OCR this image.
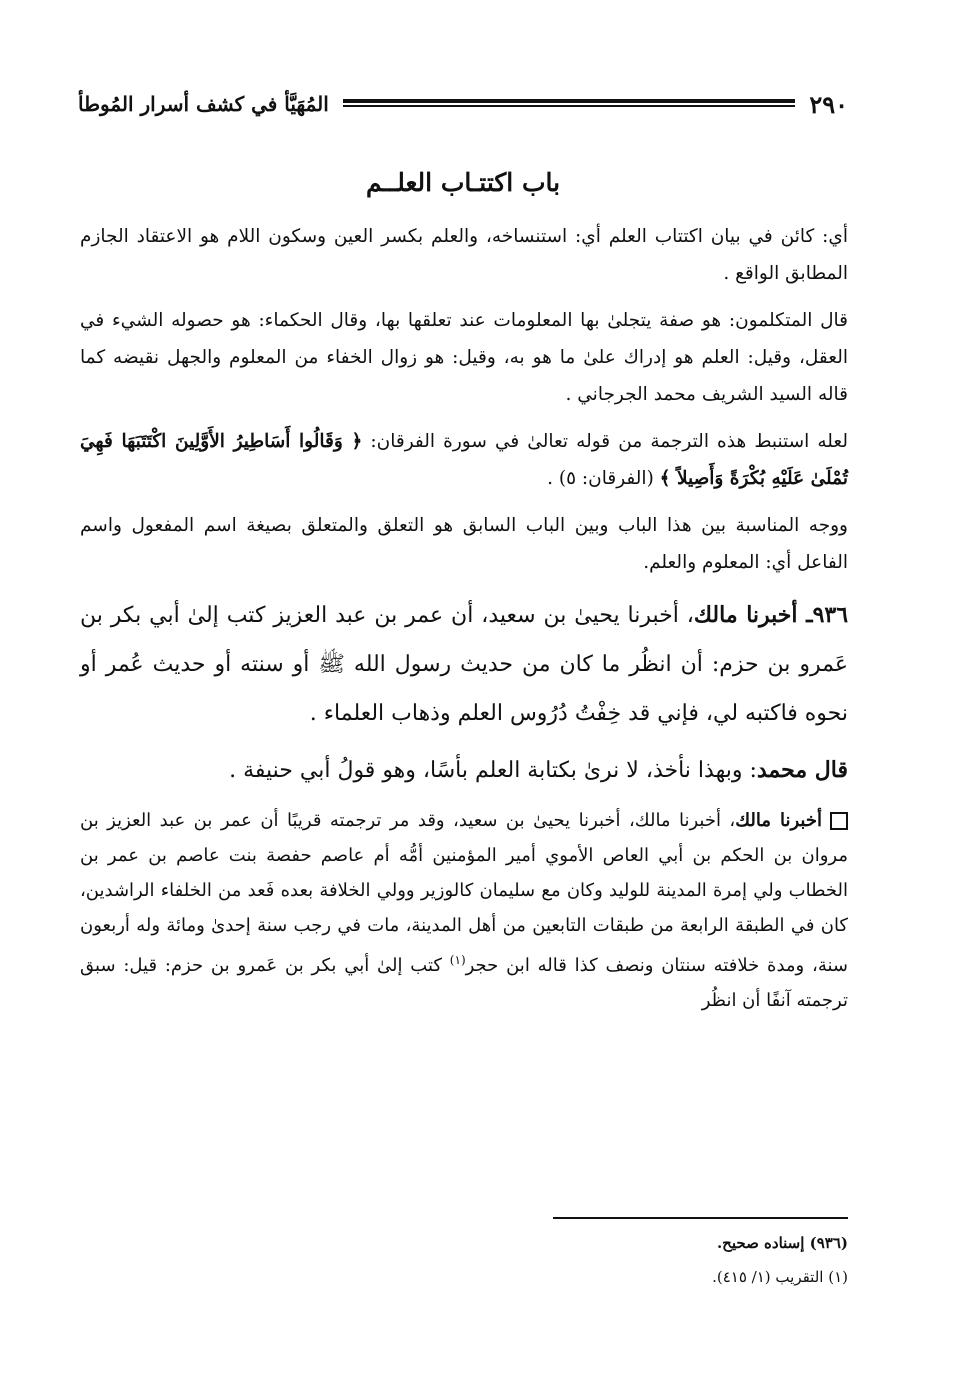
٢٩٠
المُهَيَّأ في كشف أسرار المُوطأ
باب اكتتـاب العلــم

أي: كائن في بيان اكتتاب العلم أي: استنساخه، والعلم بكسر العين وسكون اللام هو الاعتقاد الجازم المطابق الواقع .

قال المتكلمون: هو صفة يتجلىٰ بها المعلومات عند تعلقها بها، وقال الحكماء: هو حصوله الشيء في العقل، وقيل: العلم هو إدراك علىٰ ما هو به، وقيل: هو زوال الخفاء من المعلوم والجهل نقيضه كما قاله السيد الشريف محمد الجرجاني .

لعله استنبط هذه الترجمة من قوله تعالىٰ في سورة الفرقان: ﴿ وَقَالُوا أَسَاطِيرُ الأَوَّلِينَ اكْتَتَبَهَا فَهِيَ تُمْلَىٰ عَلَيْهِ بُكْرَةً وَأَصِيلاً ﴾ (الفرقان: ٥) .

ووجه المناسبة بين هذا الباب وبين الباب السابق هو التعلق والمتعلق بصيغة اسم المفعول واسم الفاعل أي: المعلوم والعلم.

٩٣٦ـ أخبرنا مالك، أخبرنا يحيىٰ بن سعيد، أن عمر بن عبد العزيز كتب إلىٰ أبي بكر بن عَمرو بن حزم: أن انظُر ما كان من حديث رسول الله ﷺ أو سنته أو حديث عُمر أو نحوه فاكتبه لي، فإني قد خِفْتُ دُرُوس العلم وذهاب العلماء .

قال محمد: وبهذا نأخذ، لا نرىٰ بكتابة العلم بأسًا، وهو قولُ أبي حنيفة .

أخبرنا مالك، أخبرنا مالك، أخبرنا يحيىٰ بن سعيد، وقد مر ترجمته قريبًا أن عمر بن عبد العزيز بن مروان بن الحكم بن أبي العاص الأموي أمير المؤمنين أمُّه أم عاصم حفصة بنت عاصم بن عمر بن الخطاب ولي إمرة المدينة للوليد وكان مع سليمان كالوزير وولي الخلافة بعده فَعد من الخلفاء الراشدين، كان في الطبقة الرابعة من طبقات التابعين من أهل المدينة، مات في رجب سنة إحدىٰ ومائة وله أربعون سنة، ومدة خلافته سنتان ونصف كذا قاله ابن حجر$^{(١)}$ كتب إلىٰ أبي بكر بن عَمرو بن حزم: قيل: سبق ترجمته آنفًا أن انظُر

(٩٣٦) إسناده صحيح.
(١) التقريب (١/ ٤١٥).
